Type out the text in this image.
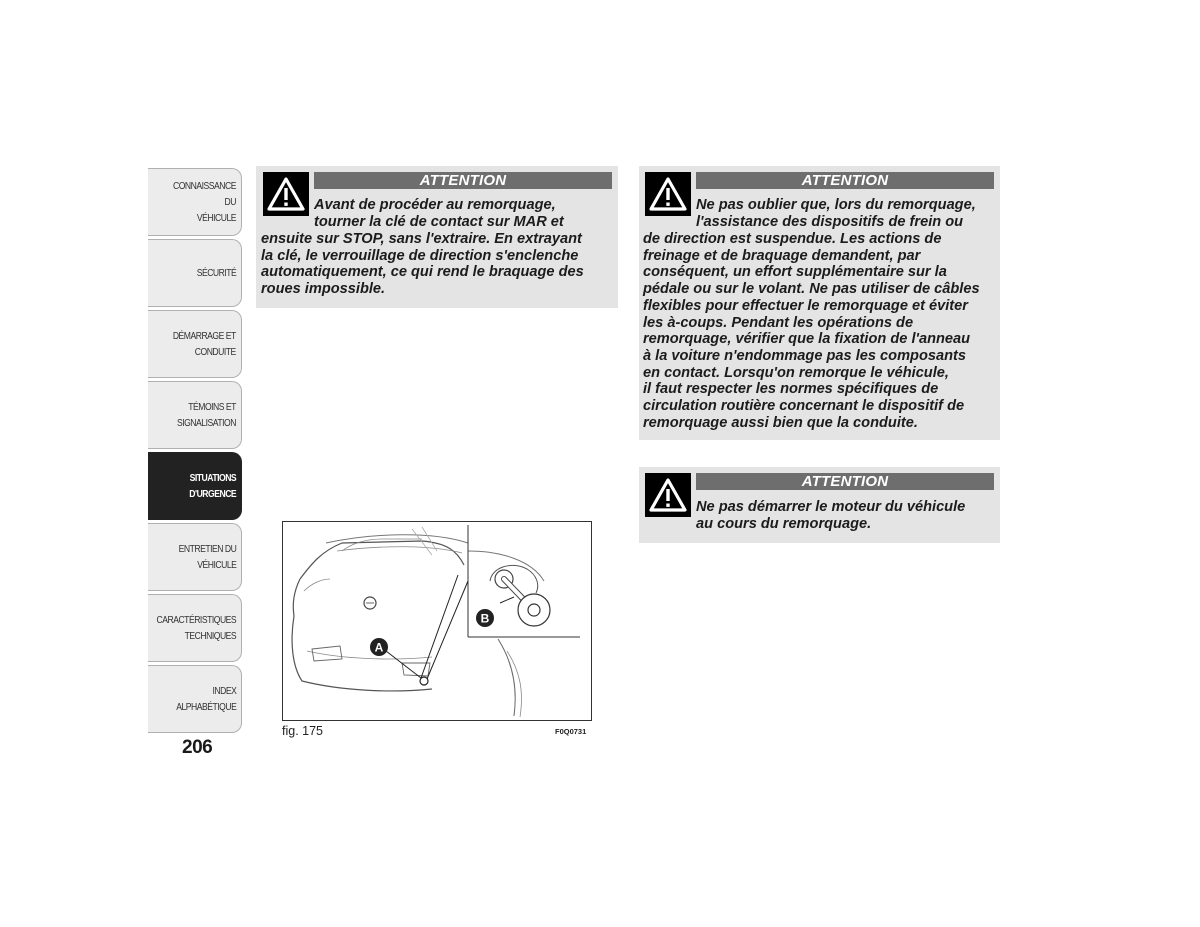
CONNAISSANCE DU
VÉHICULE
SÉCURITÉ
DÉMARRAGE ET
CONDUITE
TÉMOINS ET
SIGNALISATION
SITUATIONS
D'URGENCE
ENTRETIEN DU
VÉHICULE
CARACTÉRISTIQUES
TECHNIQUES
INDEX
ALPHABÉTIQUE
206
ATTENTION

Avant de procéder au remorquage,
tourner la clé de contact sur MAR et

ensuite sur STOP, sans l'extraire. En extrayant
la clé, le verrouillage de direction s'enclenche
automatiquement, ce qui rend le braquage des
roues impossible.

ATTENTION

Ne pas oublier que, lors du remorquage,
l'assistance des dispositifs de frein ou

de direction est suspendue. Les actions de
freinage et de braquage demandent, par
conséquent, un effort supplémentaire sur la
pédale ou sur le volant. Ne pas utiliser de câbles
flexibles pour effectuer le remorquage et éviter
les à-coups. Pendant les opérations de
remorquage, vérifier que la fixation de l'anneau
à la voiture n'endommage pas les composants
en contact. Lorsqu'on remorque le véhicule,
il faut respecter les normes spécifiques de
circulation routière concernant le dispositif de
remorquage aussi bien que la conduite.

ATTENTION

Ne pas démarrer le moteur du véhicule
au cours du remorquage.

A
B
fig. 175	F0Q0731
